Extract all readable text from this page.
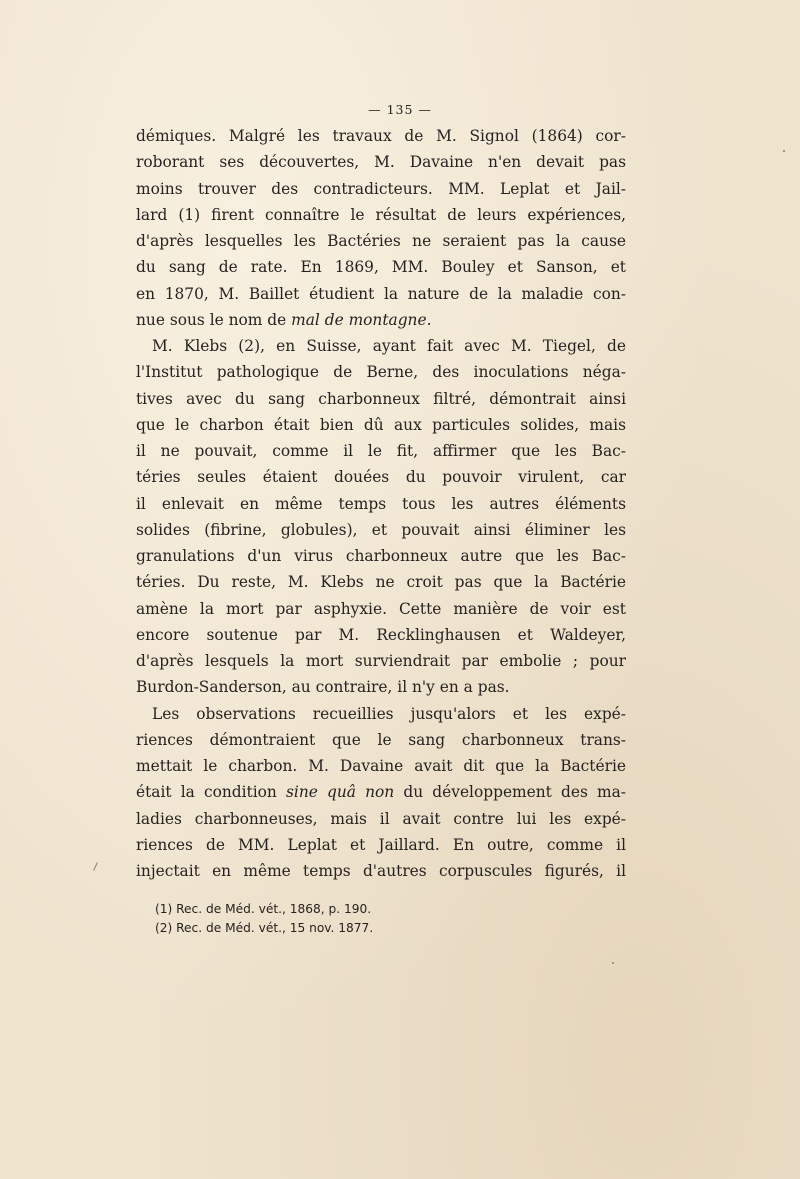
— 135 —
démiques. Malgré les travaux de M. Signol (1864) cor-
roborant ses découvertes, M. Davaine n'en devait pas
moins trouver des contradicteurs. MM. Leplat et Jail-
lard (1) firent connaître le résultat de leurs expériences,
d'après lesquelles les Bactéries ne seraient pas la cause
du sang de rate. En 1869, MM. Bouley et Sanson, et
en 1870, M. Baillet étudient la nature de la maladie con-
nue sous le nom de mal de montagne.
M. Klebs (2), en Suisse, ayant fait avec M. Tiegel, de
l'Institut pathologique de Berne, des inoculations néga-
tives avec du sang charbonneux filtré, démontrait ainsi
que le charbon était bien dû aux particules solides, mais
il ne pouvait, comme il le fit, affirmer que les Bac-
téries seules étaient douées du pouvoir virulent, car
il enlevait en même temps tous les autres éléments
solides (fibrine, globules), et pouvait ainsi éliminer les
granulations d'un virus charbonneux autre que les Bac-
téries. Du reste, M. Klebs ne croit pas que la Bactérie
amène la mort par asphyxie. Cette manière de voir est
encore soutenue par M. Recklinghausen et Waldeyer,
d'après lesquels la mort surviendrait par embolie ; pour
Burdon-Sanderson, au contraire, il n'y en a pas.
Les observations recueillies jusqu'alors et les expé-
riences démontraient que le sang charbonneux trans-
mettait le charbon. M. Davaine avait dit que la Bactérie
était la condition sine quâ non du développement des ma-
ladies charbonneuses, mais il avait contre lui les expé-
riences de MM. Leplat et Jaillard. En outre, comme il
injectait en même temps d'autres corpuscules figurés, il
(1) Rec. de Méd. vét., 1868, p. 190.
(2) Rec. de Méd. vét., 15 nov. 1877.
